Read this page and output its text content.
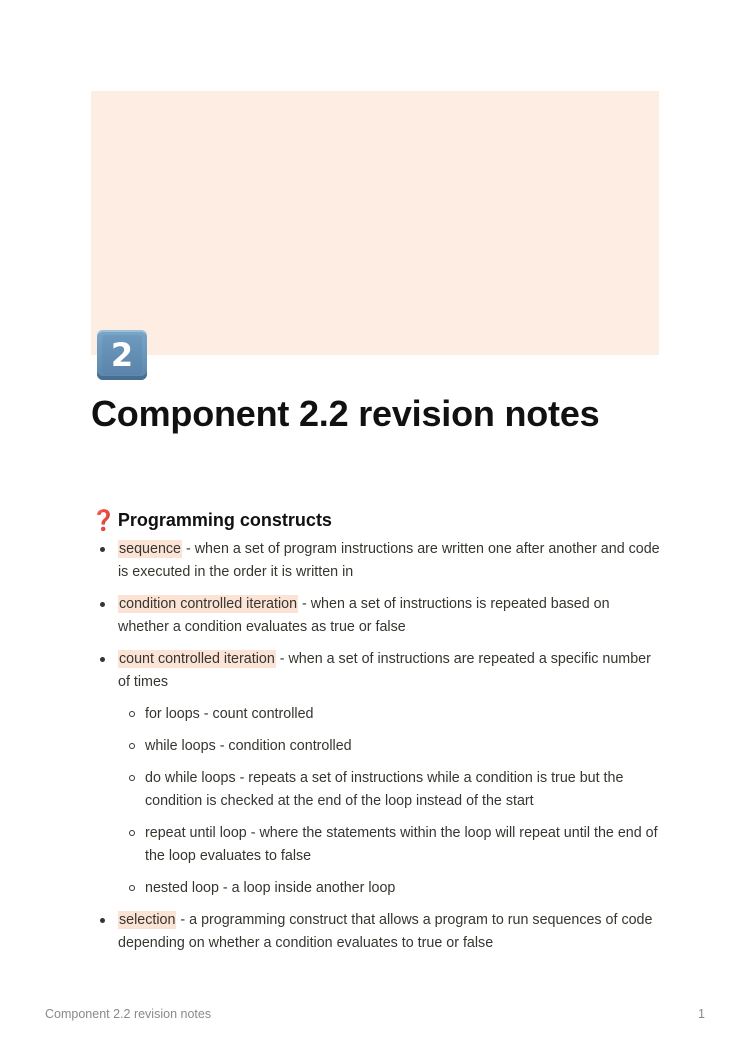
2
Component 2.2 revision notes
❓ Programming constructs
sequence - when a set of program instructions are written one after another and code is executed in the order it is written in
condition controlled iteration - when a set of instructions is repeated based on whether a condition evaluates as true or false
count controlled iteration - when a set of instructions are repeated a specific number of times
for loops - count controlled
while loops - condition controlled
do while loops - repeats a set of instructions while a condition is true but the condition is checked at the end of the loop instead of the start
repeat until loop - where the statements within the loop will repeat until the end of the loop evaluates to false
nested loop - a loop inside another loop
selection - a programming construct that allows a program to run sequences of code depending on whether a condition evaluates to true or false
Component 2.2 revision notes	1
